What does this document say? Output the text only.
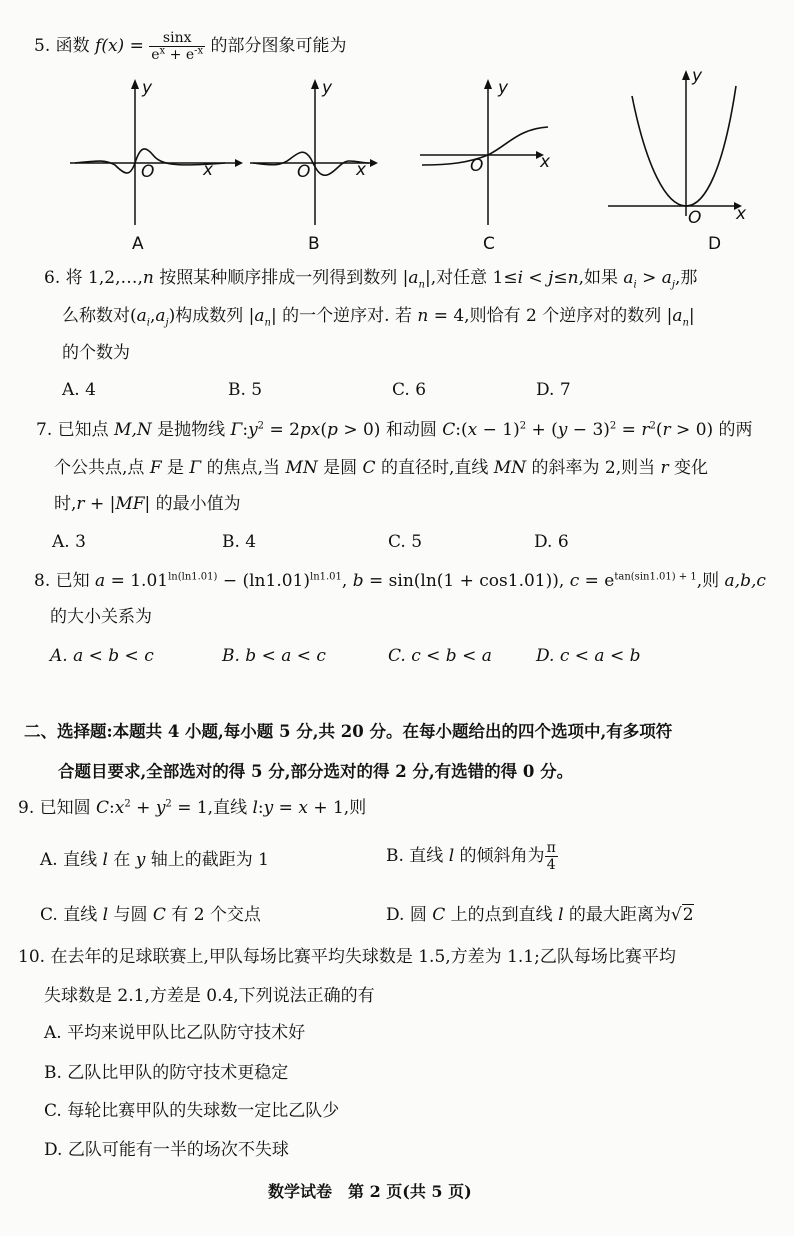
5. 函数 $f(x) = \frac{\sin x}{e^x + e^{-x}}$ 的部分图象可能为
y
x
O
A
y
x
O
B
y
x
O
C
y
x
O
D
6. 将 1,2,…,n 按照某种顺序排成一列得到数列 $|a_n|$,对任意 1≤i < j≤n,如果 $a_i > a_j$,那
么称数对$(a_i,a_j)$构成数列 $|a_n|$ 的一个逆序对. 若 n = 4,则恰有 2 个逆序对的数列 $|a_n|$
的个数为
A. 4	B. 5	C. 6	D. 7
7. 已知点 M,N 是抛物线 $\Gamma:y^2 = 2px(p > 0)$ 和动圆 C:(x − $1)^2 + (y - 3)^2 = r^2(r > 0)$ 的两
个公共点,点 F 是 Γ 的焦点,当 MN 是圆 C 的直径时,直线 MN 的斜率为 2,则当 r 变化
时,r + |MF| 的最小值为
A. 3	B. 4	C. 5	D. 6
8. 已知 $a = 1.01^{ln(ln1.01)} - (\ln 1.01)^{ln1.01}$, b = sin(ln(1 + cos1.01)), $c = e^{tan(sin1.01) + 1}$,则 a,b,c
的大小关系为
A. a < b < c	B. b < a < c	C. c < b < a	D. c < a < b
二、选择题:本题共 4 小题,每小题 5 分,共 20 分。在每小题给出的四个选项中,有多项符
合题目要求,全部选对的得 5 分,部分选对的得 2 分,有选错的得 0 分。
9. 已知圆 $C:x^2 + y^2 = 1$,直线 l:y = x + 1,则
A. 直线 l 在 y 轴上的截距为 1	B. 直线 l 的倾斜角为 $\frac{\pi}{4}$
C. 直线 l 与圆 C 有 2 个交点	D. 圆 C 上的点到直线 l 的最大距离为√2
10. 在去年的足球联赛上,甲队每场比赛平均失球数是 1.5,方差为 1.1;乙队每场比赛平均
失球数是 2.1,方差是 0.4,下列说法正确的有
A. 平均来说甲队比乙队防守技术好
B. 乙队比甲队的防守技术更稳定
C. 每轮比赛甲队的失球数一定比乙队少
D. 乙队可能有一半的场次不失球
数学试卷　第 2 页(共 5 页)
